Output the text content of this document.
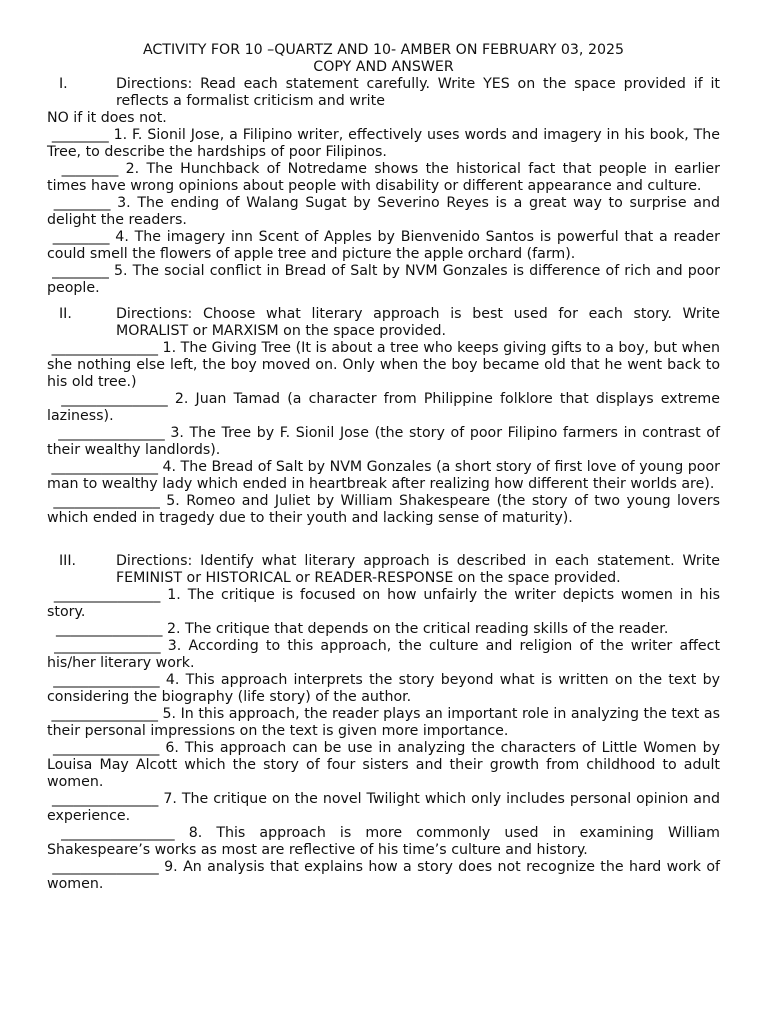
ACTIVITY FOR 10 –QUARTZ AND 10- AMBER ON FEBRUARY 03, 2025
COPY AND ANSWER
I.	Directions: Read each statement carefully. Write YES on the space provided if it reflects a formalist criticism and write

NO if it does not.

________ 1. F. Sionil Jose, a Filipino writer, effectively uses words and imagery in his book, The Tree, to describe the hardships of poor Filipinos.
________ 2. The Hunchback of Notredame shows the historical fact that people in earlier times have wrong opinions about people with disability or different appearance and culture.
________ 3. The ending of Walang Sugat by Severino Reyes is a great way to surprise and delight the readers.
________ 4. The imagery inn Scent of Apples by Bienvenido Santos is powerful that a reader could smell the flowers of apple tree and picture the apple orchard (farm).
________ 5. The social conflict in Bread of Salt by NVM Gonzales is difference of rich and poor people.
II.	Directions: Choose what literary approach is best used for each story. Write MORALIST or MARXISM on the space provided.
_______________ 1. The Giving Tree (It is about a tree who keeps giving gifts to a boy, but when she nothing else left, the boy moved on. Only when the boy became old that he went back to his old tree.)
_______________ 2. Juan Tamad (a character from Philippine folklore that displays extreme laziness).
_______________ 3. The Tree by F. Sionil Jose (the story of poor Filipino farmers in contrast of their wealthy landlords).
_______________ 4. The Bread of Salt by NVM Gonzales (a short story of first love of young poor man to wealthy lady which ended in heartbreak after realizing how different their worlds are).
_______________ 5. Romeo and Juliet by William Shakespeare (the story of two young lovers which ended in tragedy due to their youth and lacking sense of maturity).
III.	Directions: Identify what literary approach is described in each statement. Write FEMINIST or HISTORICAL or READER-RESPONSE on the space provided.
_______________ 1. The critique is focused on how unfairly the writer depicts women in his story.
_______________ 2. The critique that depends on the critical reading skills of the reader.
_______________ 3. According to this approach, the culture and religion of the writer affect his/her literary work.
_______________ 4. This approach interprets the story beyond what is written on the text by considering the biography (life story) of the author.
_______________ 5. In this approach, the reader plays an important role in analyzing the text as their personal impressions on the text is given more importance.
_______________ 6. This approach can be use in analyzing the characters of Little Women by Louisa May Alcott which the story of four sisters and their growth from childhood to adult women.
_______________ 7. The critique on the novel Twilight which only includes personal opinion and experience.
________________ 8. This approach is more commonly used in examining William Shakespeare’s works as most are reflective of his time’s culture and history.
_______________ 9. An analysis that explains how a story does not recognize the hard work of women.
